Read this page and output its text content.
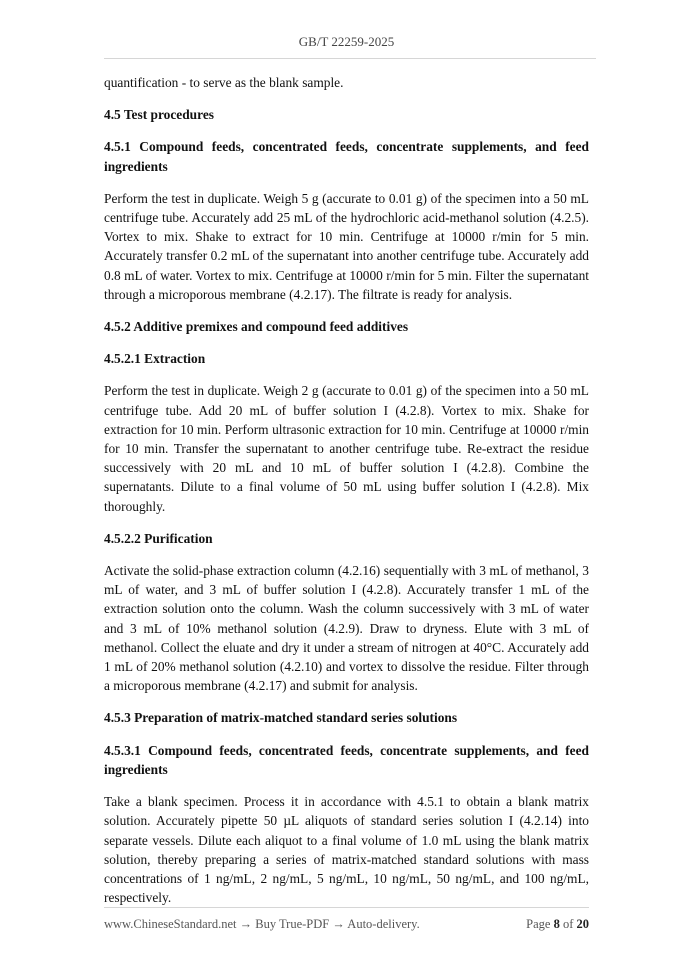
GB/T 22259-2025

quantification - to serve as the blank sample.

4.5 Test procedures
4.5.1 Compound feeds, concentrated feeds, concentrate supplements, and feed ingredients

Perform the test in duplicate. Weigh 5 g (accurate to 0.01 g) of the specimen into a 50 mL centrifuge tube. Accurately add 25 mL of the hydrochloric acid-methanol solution (4.2.5). Vortex to mix. Shake to extract for 10 min. Centrifuge at 10000 r/min for 5 min. Accurately transfer 0.2 mL of the supernatant into another centrifuge tube. Accurately add 0.8 mL of water. Vortex to mix. Centrifuge at 10000 r/min for 5 min. Filter the supernatant through a microporous membrane (4.2.17). The filtrate is ready for analysis.

4.5.2 Additive premixes and compound feed additives
4.5.2.1 Extraction

Perform the test in duplicate. Weigh 2 g (accurate to 0.01 g) of the specimen into a 50 mL centrifuge tube. Add 20 mL of buffer solution I (4.2.8). Vortex to mix. Shake for extraction for 10 min. Perform ultrasonic extraction for 10 min. Centrifuge at 10000 r/min for 10 min. Transfer the supernatant to another centrifuge tube. Re-extract the residue successively with 20 mL and 10 mL of buffer solution I (4.2.8). Combine the supernatants. Dilute to a final volume of 50 mL using buffer solution I (4.2.8). Mix thoroughly.

4.5.2.2 Purification

Activate the solid-phase extraction column (4.2.16) sequentially with 3 mL of methanol, 3 mL of water, and 3 mL of buffer solution I (4.2.8). Accurately transfer 1 mL of the extraction solution onto the column. Wash the column successively with 3 mL of water and 3 mL of 10% methanol solution (4.2.9). Draw to dryness. Elute with 3 mL of methanol. Collect the eluate and dry it under a stream of nitrogen at 40°C. Accurately add 1 mL of 20% methanol solution (4.2.10) and vortex to dissolve the residue. Filter through a microporous membrane (4.2.17) and submit for analysis.

4.5.3 Preparation of matrix-matched standard series solutions
4.5.3.1 Compound feeds, concentrated feeds, concentrate supplements, and feed ingredients

Take a blank specimen. Process it in accordance with 4.5.1 to obtain a blank matrix solution. Accurately pipette 50 µL aliquots of standard series solution I (4.2.14) into separate vessels. Dilute each aliquot to a final volume of 1.0 mL using the blank matrix solution, thereby preparing a series of matrix-matched standard solutions with mass concentrations of 1 ng/mL, 2 ng/mL, 5 ng/mL, 10 ng/mL, 50 ng/mL, and 100 ng/mL, respectively.

www.ChineseStandard.net → Buy True-PDF → Auto-delivery.	Page 8 of 20
